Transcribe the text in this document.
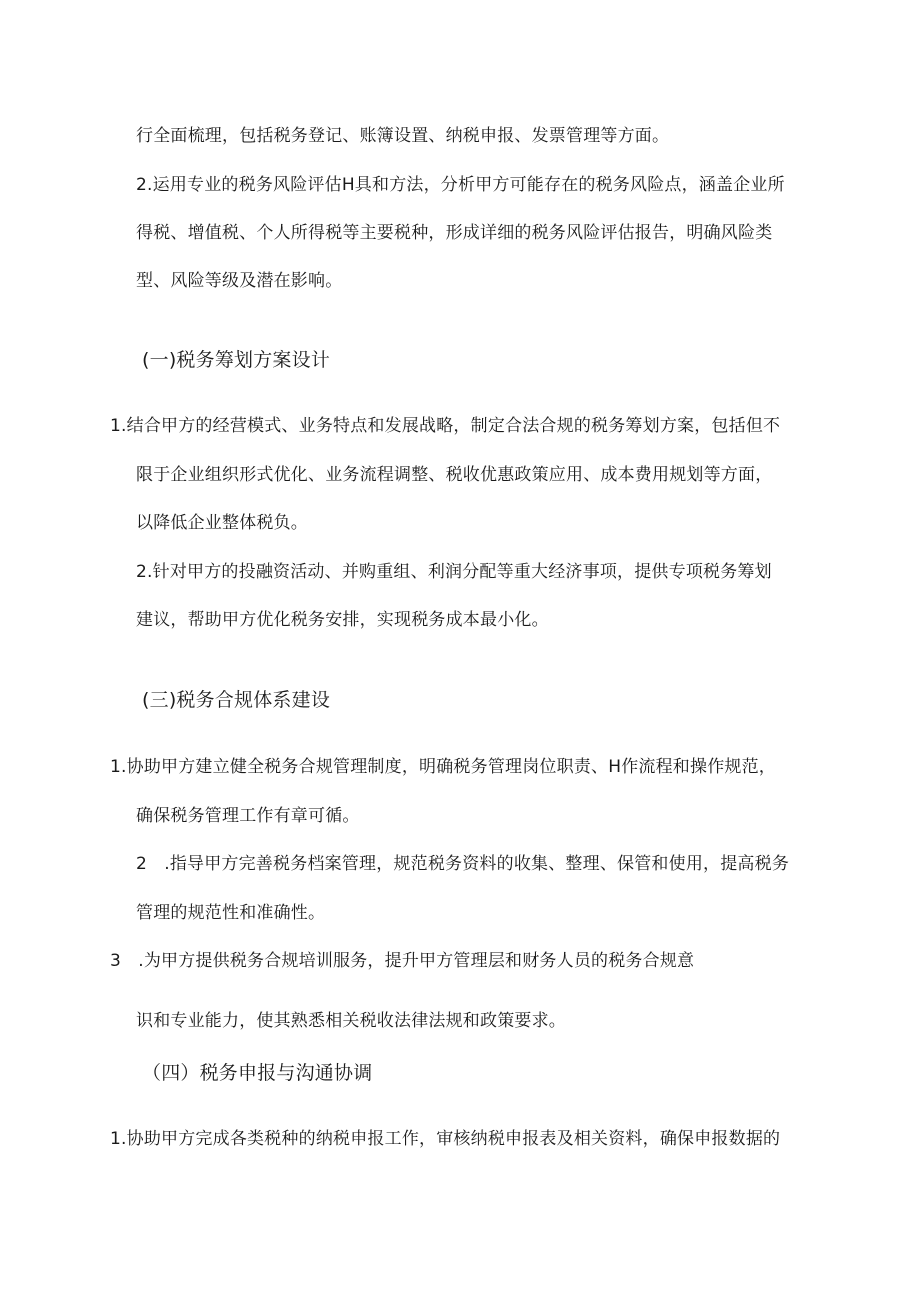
行全面梳理，包括税务登记、账簿设置、纳税申报、发票管理等方面。
2.运用专业的税务风险评估H具和方法，分析甲方可能存在的税务风险点，涵盖企业所
得税、增值税、个人所得税等主要税种，形成详细的税务风险评估报告，明确风险类
型、风险等级及潜在影响。
(一)税务筹划方案设计
1.结合甲方的经营模式、业务特点和发展战略，制定合法合规的税务筹划方案，包括但不
限于企业组织形式优化、业务流程调整、税收优惠政策应用、成本费用规划等方面，
以降低企业整体税负。
2.针对甲方的投融资活动、并购重组、利润分配等重大经济事项，提供专项税务筹划
建议，帮助甲方优化税务安排，实现税务成本最小化。
(三)税务合规体系建设
1.协助甲方建立健全税务合规管理制度，明确税务管理岗位职责、H作流程和操作规范，
确保税务管理工作有章可循。
2　.指导甲方完善税务档案管理，规范税务资料的收集、整理、保管和使用，提高税务
管理的规范性和准确性。
3　.为甲方提供税务合规培训服务，提升甲方管理层和财务人员的税务合规意
识和专业能力，使其熟悉相关税收法律法规和政策要求。
（四）税务申报与沟通协调
1.协助甲方完成各类税种的纳税申报工作，审核纳税申报表及相关资料，确保申报数据的
